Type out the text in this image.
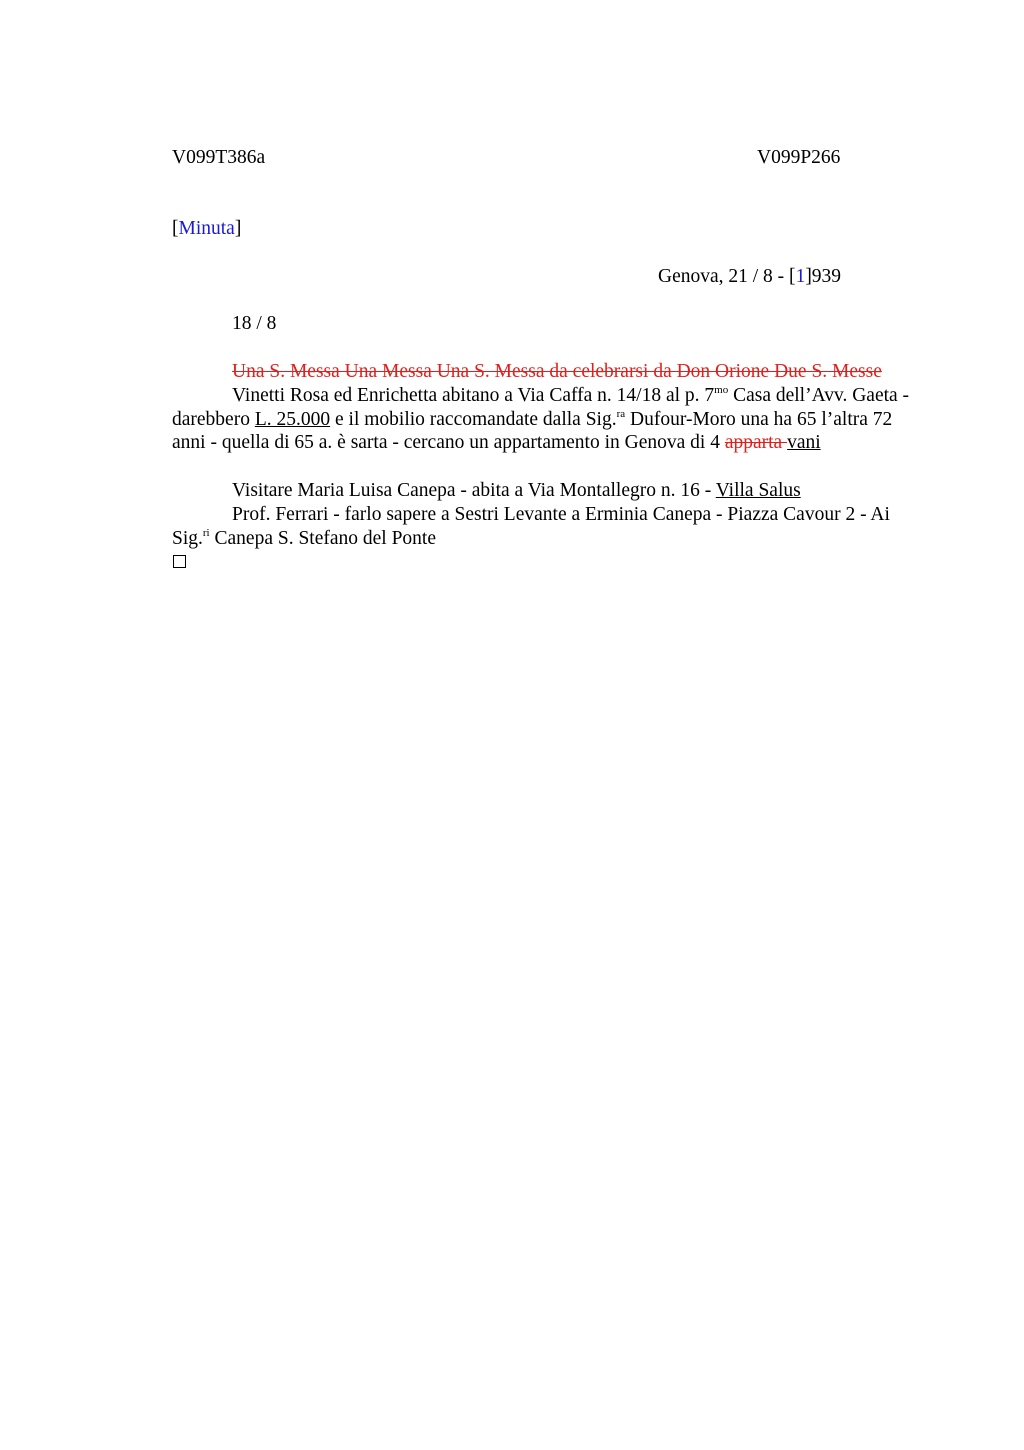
V099T386a	V099P266
[Minuta]
Genova, 21 / 8 - [1]939
18 / 8
Una S. Messa Una Messa Una S. Messa da celebrarsi da Don Orione Due S. Messe
Vinetti Rosa ed Enrichetta abitano a Via Caffa n. 14/18 al p. $7^{mo}$ Casa dell’Avv. Gaeta - darebbero L. 25.000 e il mobilio raccomandate dalla Sig.$^{ra}$ Dufour-Moro una ha 65 l’altra 72 anni - quella di 65 a. è sarta - cercano un appartamento in Genova di 4 apparta vani
Visitare Maria Luisa Canepa - abita a Via Montallegro n. 16 - Villa Salus
Prof. Ferrari - farlo sapere a Sestri Levante a Erminia Canepa - Piazza Cavour 2 - Ai Sig.$^{ri}$ Canepa S. Stefano del Ponte
